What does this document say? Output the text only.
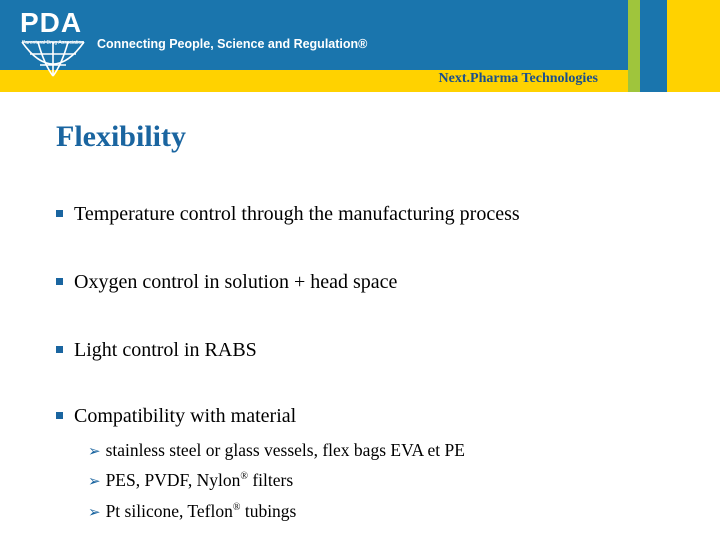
PDA
Parenteral Drug Association Connecting People, Science and Regulation®
Next.Pharma Technologies
Flexibility
Temperature control through the manufacturing process
Oxygen control in solution + head space
Light control in RABS
Compatibility with material
➢ stainless steel or glass vessels, flex bags EVA et PE
➢ PES, PVDF, Nylon® filters
➢ Pt silicone, Teflon® tubings
